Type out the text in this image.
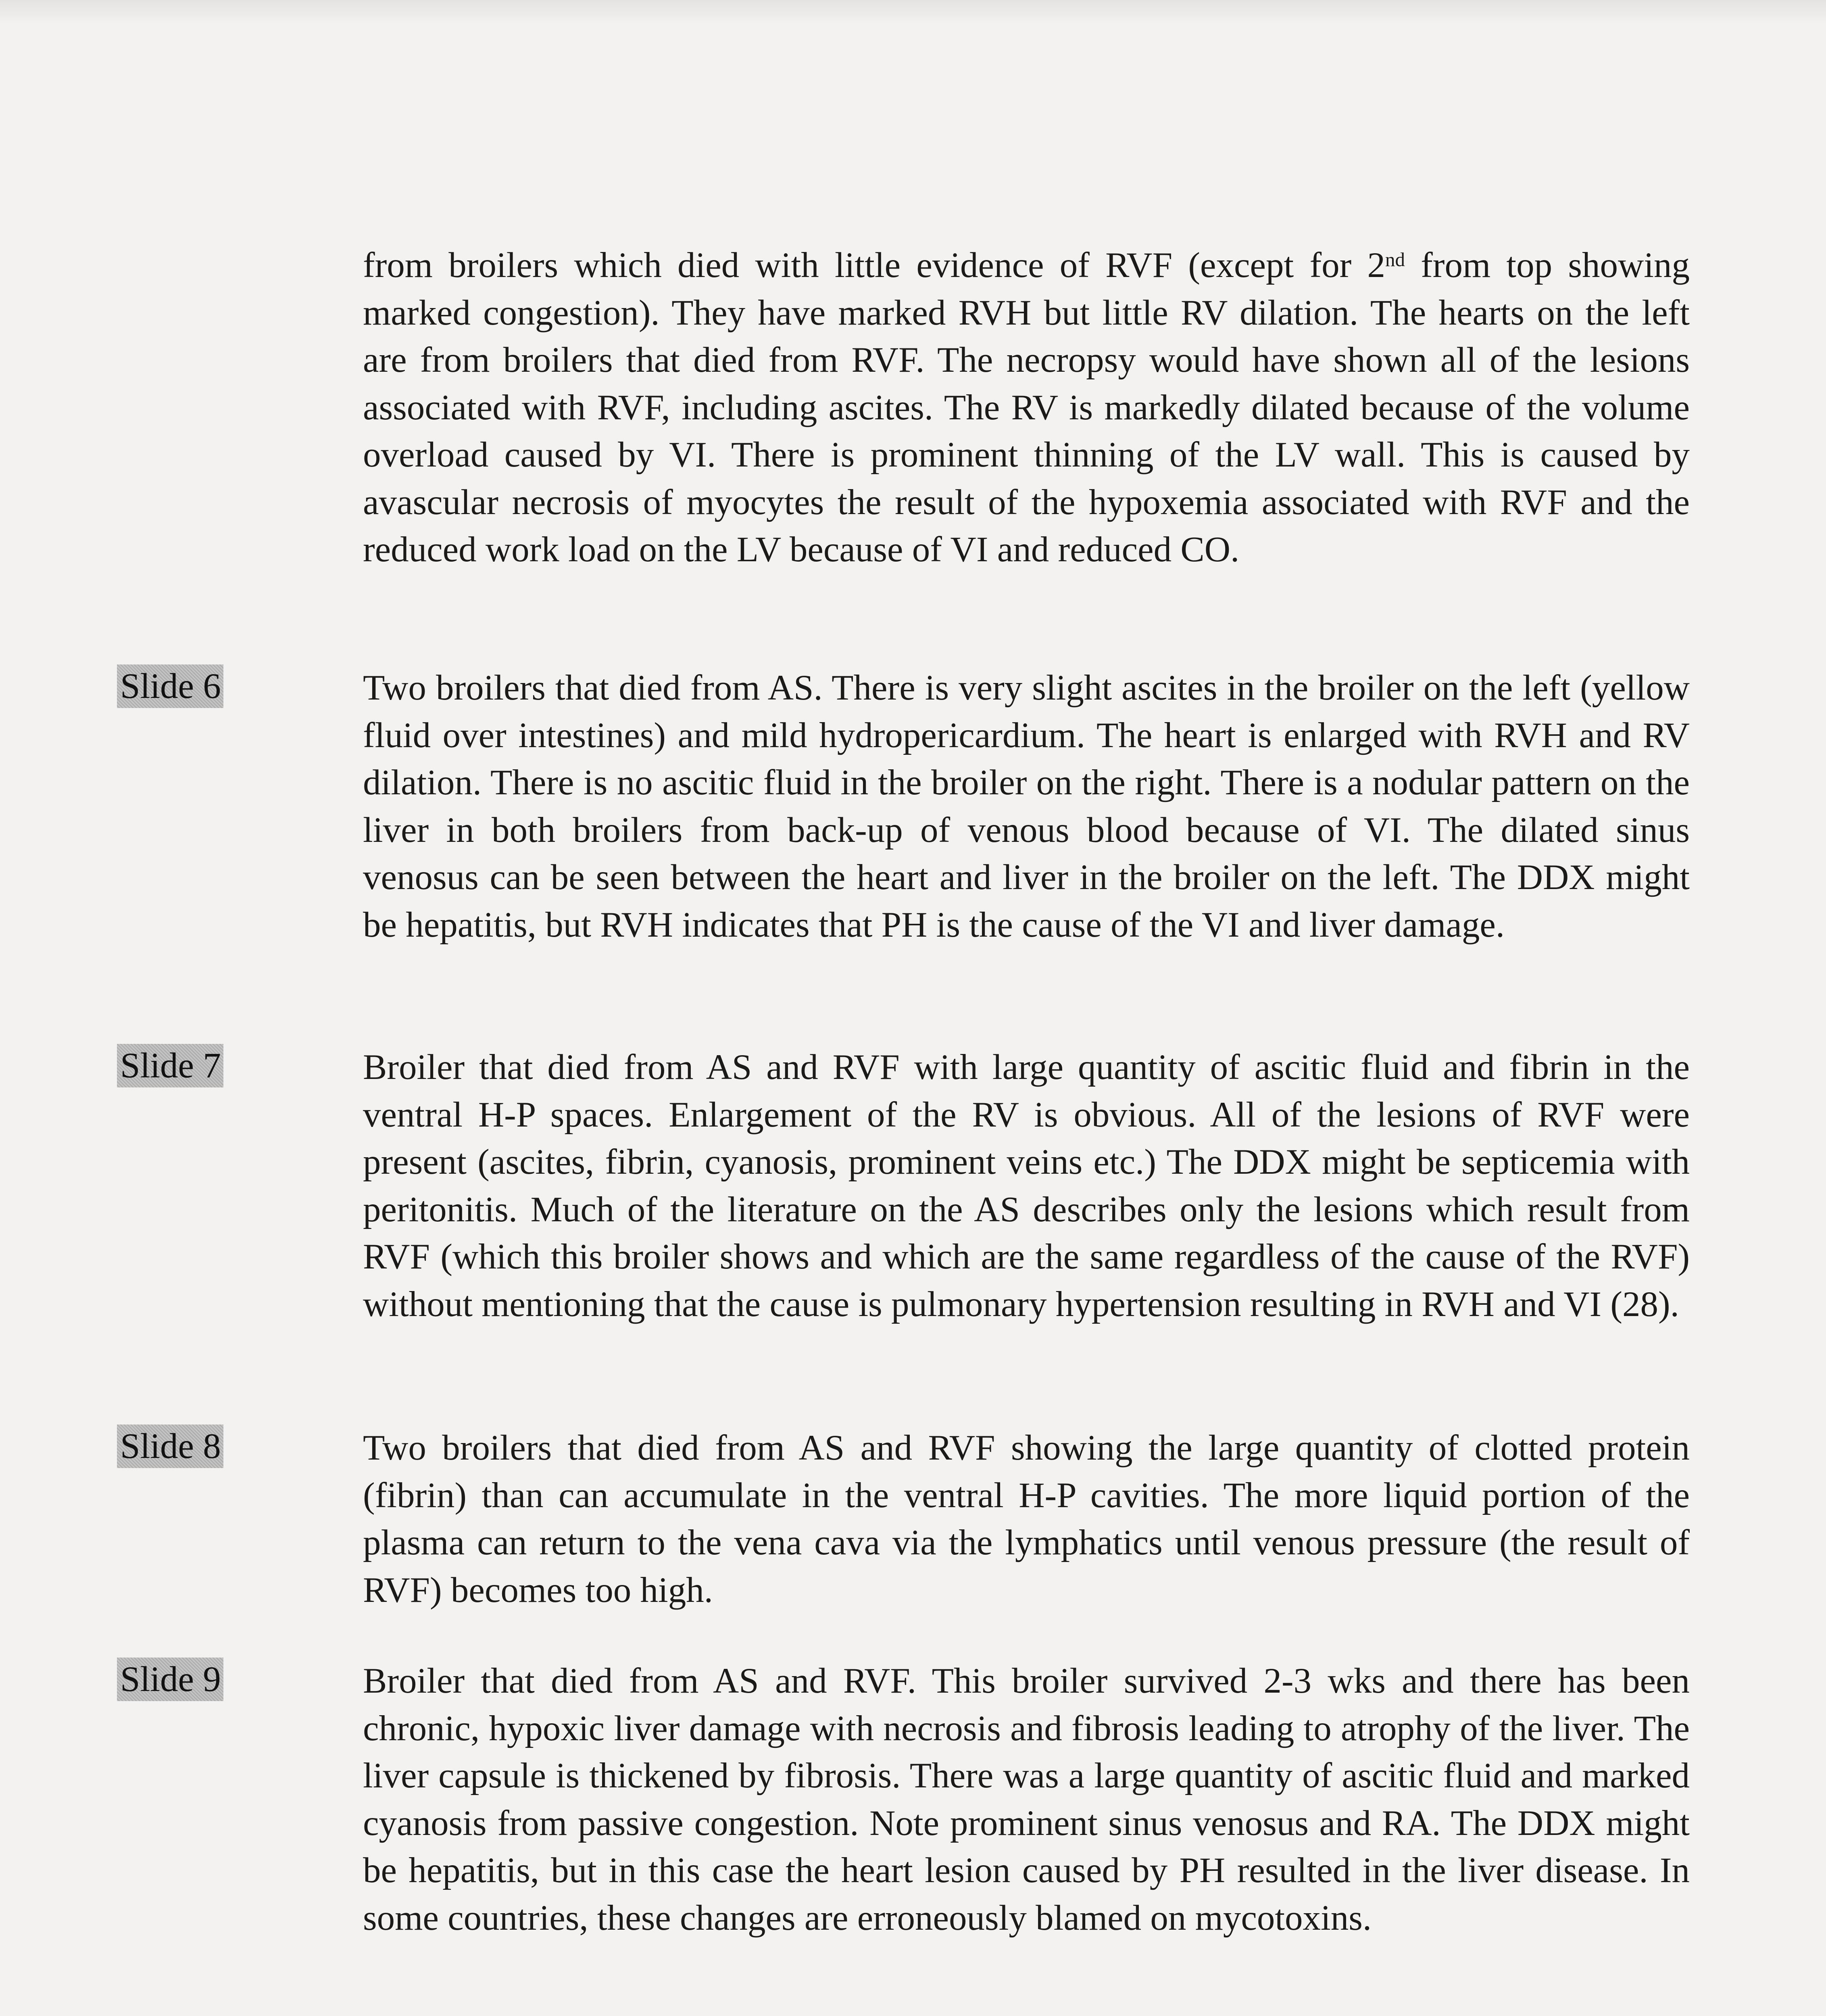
from broilers which died with little evidence of RVF (except for 2nd from top showing marked congestion). They have marked RVH but little RV dilation. The hearts on the left are from broilers that died from RVF. The necropsy would have shown all of the lesions associated with RVF, including ascites. The RV is markedly dilated because of the volume overload caused by VI. There is prominent thinning of the LV wall. This is caused by avascular necrosis of myocytes the result of the hypoxemia associated with RVF and the reduced work load on the LV because of VI and reduced CO.

Slide 6	Two broilers that died from AS. There is very slight ascites in the broiler on the left (yellow fluid over intestines) and mild hydropericardium. The heart is enlarged with RVH and RV dilation. There is no ascitic fluid in the broiler on the right. There is a nodular pattern on the liver in both broilers from back-up of venous blood because of VI. The dilated sinus venosus can be seen between the heart and liver in the broiler on the left. The DDX might be hepatitis, but RVH indicates that PH is the cause of the VI and liver damage.

Slide 7	Broiler that died from AS and RVF with large quantity of ascitic fluid and fibrin in the ventral H-P spaces. Enlargement of the RV is obvious. All of the lesions of RVF were present (ascites, fibrin, cyanosis, prominent veins etc.) The DDX might be septicemia with peritonitis. Much of the literature on the AS describes only the lesions which result from RVF (which this broiler shows and which are the same regardless of the cause of the RVF) without mentioning that the cause is pulmonary hypertension resulting in RVH and VI (28).

Slide 8	Two broilers that died from AS and RVF showing the large quantity of clotted protein (fibrin) than can accumulate in the ventral H-P cavities. The more liquid portion of the plasma can return to the vena cava via the lymphatics until venous pressure (the result of RVF) becomes too high.

Slide 9	Broiler that died from AS and RVF. This broiler survived 2-3 wks and there has been chronic, hypoxic liver damage with necrosis and fibrosis leading to atrophy of the liver. The liver capsule is thickened by fibrosis. There was a large quantity of ascitic fluid and marked cyanosis from passive congestion. Note prominent sinus venosus and RA. The DDX might be hepatitis, but in this case the heart lesion caused by PH resulted in the liver disease. In some countries, these changes are erroneously blamed on mycotoxins.
